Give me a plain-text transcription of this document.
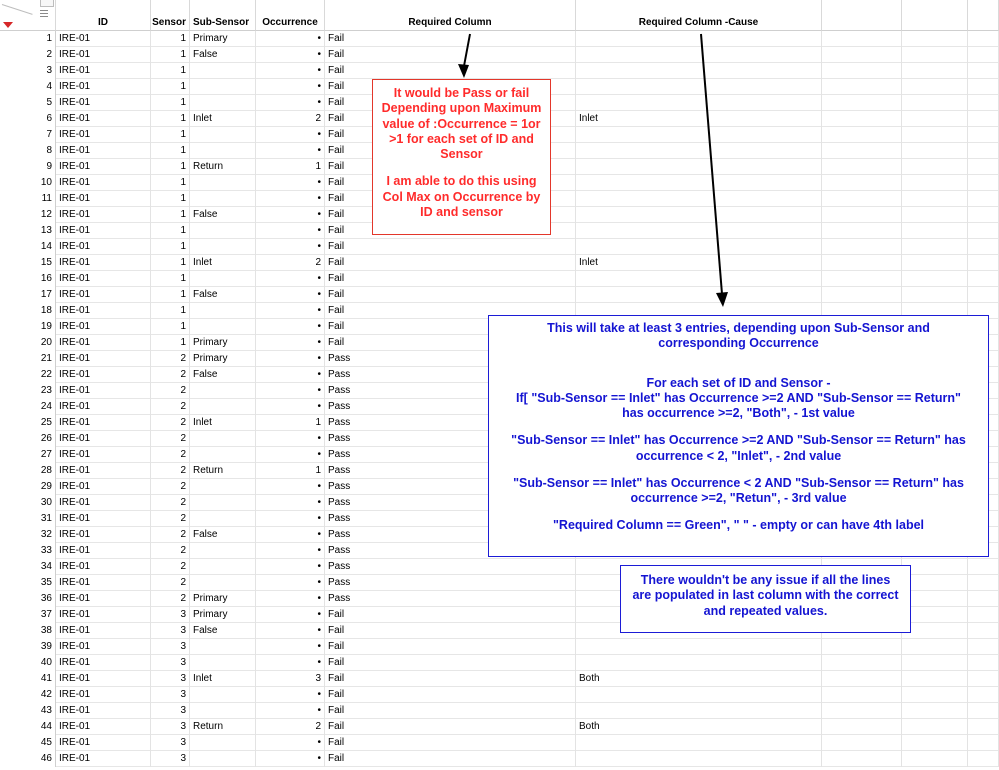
ID	Sensor Sub-Sensor Occurrence	Required Column	Required Column -Cause
1 IRE-01	1 Primary	• Fail
2 IRE-01	1 False	• Fail
3 IRE-01	1	• Fail
4 IRE-01	1	• Fail
5 IRE-01	1	• Fail
6 IRE-01	1 Inlet	2 Fail	Inlet
7 IRE-01	1	• Fail
8 IRE-01	1	• Fail
9 IRE-01	1 Return	1 Fail
10 IRE-01	1	• Fail
11 IRE-01	1	• Fail
12 IRE-01	1 False	• Fail
13 IRE-01	1	• Fail
14 IRE-01	1	• Fail
15 IRE-01	1 Inlet	2 Fail	Inlet
16 IRE-01	1	• Fail
17 IRE-01	1 False	• Fail
18 IRE-01	1	• Fail
19 IRE-01	1	• Fail
20 IRE-01	1 Primary	• Fail
21 IRE-01	2 Primary	• Pass
22 IRE-01	2 False	• Pass
23 IRE-01	2	• Pass
24 IRE-01	2	• Pass
25 IRE-01	2 Inlet	1 Pass
26 IRE-01	2	• Pass
27 IRE-01	2	• Pass
28 IRE-01	2 Return	1 Pass
29 IRE-01	2	• Pass
30 IRE-01	2	• Pass
31 IRE-01	2	• Pass
32 IRE-01	2 False	• Pass
33 IRE-01	2	• Pass
34 IRE-01	2	• Pass
35 IRE-01	2	• Pass
36 IRE-01	2 Primary	• Pass
37 IRE-01	3 Primary	• Fail
38 IRE-01	3 False	• Fail
39 IRE-01	3	• Fail
40 IRE-01	3	• Fail
41 IRE-01	3 Inlet	3 Fail	Both
42 IRE-01	3	• Fail
43 IRE-01	3	• Fail
44 IRE-01	3 Return	2 Fail	Both
45 IRE-01	3	• Fail
46 IRE-01	3	• Fail

It would be Pass or fail

Depending upon Maximum

value of :Occurrence = 1or

>1 for each set of ID and

Sensor

I am able to do this using

Col Max on Occurrence by

ID and sensor

This will take at least 3 entries, depending upon Sub-Sensor and

corresponding Occurrence

For each set of ID and Sensor -

If[ "Sub-Sensor == Inlet" has Occurrence >=2 AND "Sub-Sensor == Return"

has occurrence >=2, "Both", - 1st value

"Sub-Sensor == Inlet" has Occurrence >=2 AND "Sub-Sensor == Return" has

occurrence < 2, "Inlet", - 2nd value

"Sub-Sensor == Inlet" has Occurrence < 2 AND "Sub-Sensor == Return" has

occurrence >=2, "Retun", - 3rd value

"Required Column == Green", " " - empty or can have 4th label

There wouldn't be any issue if all the lines

are populated in last column with the correct

and repeated values.
